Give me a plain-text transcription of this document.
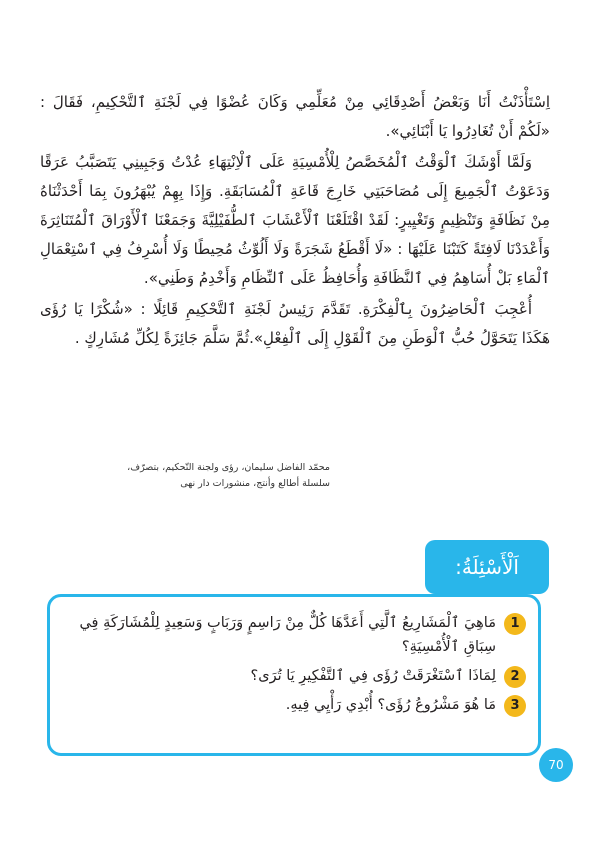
اِسْتَأْذَنْتُ أَنَا وَبَعْضُ أَصْدِقَائِي مِنْ مُعَلِّمِي وَكَانَ عُضْوًا فِي لَجْنَةِ ٱلتَّحْكِيمِ، فَقَالَ : «لَكُمْ أَنْ تُغَادِرُوا يَا أَبْنَائِي».

وَلَمَّا أَوْشَكَ ٱلْوَقْتُ ٱلْمُخَصَّصُ لِلْأُمْسِيَةِ عَلَى ٱلْاِنْتِهَاءِ عُدْتُ وَجَبِينِي يَتَصَبَّبُ عَرَقًا وَدَعَوْتُ ٱلْجَمِيعَ إِلَى مُصَاحَبَتِي خَارِجَ قَاعَةِ ٱلْمُسَابَقَةِ. وَإِذَا بِهِمْ يُبْهَرُونَ بِمَا أَحْدَثْنَاهُ مِنْ نَظَافَةٍ وَتَنْظِيمٍ وَتَغْيِيرٍ: لَقَدْ اقْتَلَعْنَا ٱلْأَعْشَابَ ٱلطُّفَيْلِيَّةَ وَجَمَعْنَا ٱلْأَوْرَاقَ ٱلْمُتَنَاثِرَةَ وَأَعْدَدْنَا لَافِتَةً كَتَبْنَا عَلَيْهَا : «لَا أَقْطَعُ شَجَرَةً وَلَا أَلُوِّثُ مُحِيطًا وَلَا أُسْرِفُ فِي ٱسْتِعْمَالِ ٱلْمَاءِ بَلْ أُسَاهِمُ فِي ٱلنَّظَافَةِ وَأُحَافِظُ عَلَى ٱلنِّظَامِ وَأَخْدِمُ وَطَنِي».

أُعْجِبَ ٱلْحَاضِرُونَ بِٱلْفِكْرَةِ. تَقَدَّمَ رَئِيسُ لَجْنَةِ ٱلتَّحْكِيمِ قَائِلًا : «شُكْرًا يَا رُؤَى هَكَذَا يَتَحَوَّلُ حُبُّ ٱلْوَطَنِ مِنَ ٱلْقَوْلِ إِلَى ٱلْفِعْلِ».ثُمَّ سَلَّمَ جَائِزَةً لِكُلِّ مُشَارِكٍ .

محمّد الفاضل سليمان، رؤى ولجنة التّحكيم، بتصرّف،
سلسلة أطالع وأنتج، منشورات دار نهى
1
مَاهِيَ ٱلْمَشَارِيعُ ٱلَّتِي أَعَدَّهَا كُلٌّ مِنْ رَاسِمٍ وَرَبَابٍ وَسَعِيدٍ لِلْمُشَارَكَةِ فِي سِبَاقِ ٱلْأُمْسِيَةِ؟
2
لِمَاذَا ٱسْتَغْرَقَتْ رُؤَى فِي ٱلتَّفْكِيرِ يَا تُرَى؟
3
مَا هُوَ مَشْرُوعُ رُؤَى؟ أُبْدِي رَأْيِي فِيهِ.
اَلْأَسْئِلَةُ:
70
